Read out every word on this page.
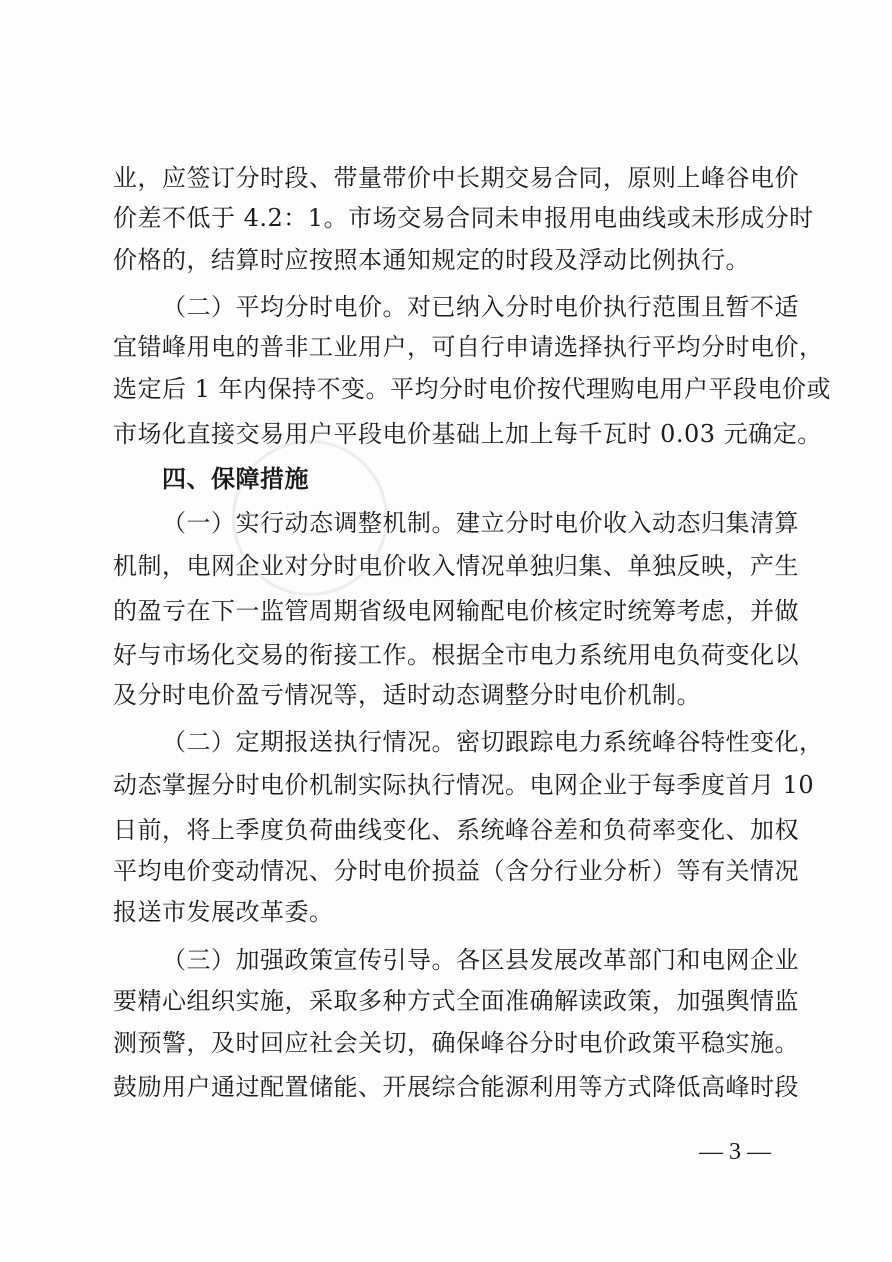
业，应签订分时段、带量带价中长期交易合同，原则上峰谷电价
价差不低于 4.2：1。市场交易合同未申报用电曲线或未形成分时
价格的，结算时应按照本通知规定的时段及浮动比例执行。
（二）平均分时电价。对已纳入分时电价执行范围且暂不适
宜错峰用电的普非工业用户，可自行申请选择执行平均分时电价，
选定后 1 年内保持不变。平均分时电价按代理购电用户平段电价或
市场化直接交易用户平段电价基础上加上每千瓦时 0.03 元确定。
四、保障措施
（一）实行动态调整机制。建立分时电价收入动态归集清算
机制，电网企业对分时电价收入情况单独归集、单独反映，产生
的盈亏在下一监管周期省级电网输配电价核定时统筹考虑，并做
好与市场化交易的衔接工作。根据全市电力系统用电负荷变化以
及分时电价盈亏情况等，适时动态调整分时电价机制。
（二）定期报送执行情况。密切跟踪电力系统峰谷特性变化，
动态掌握分时电价机制实际执行情况。电网企业于每季度首月 10
日前，将上季度负荷曲线变化、系统峰谷差和负荷率变化、加权
平均电价变动情况、分时电价损益（含分行业分析）等有关情况
报送市发展改革委。
（三）加强政策宣传引导。各区县发展改革部门和电网企业
要精心组织实施，采取多种方式全面准确解读政策，加强舆情监
测预警，及时回应社会关切，确保峰谷分时电价政策平稳实施。
鼓励用户通过配置储能、开展综合能源利用等方式降低高峰时段
— 3 —
